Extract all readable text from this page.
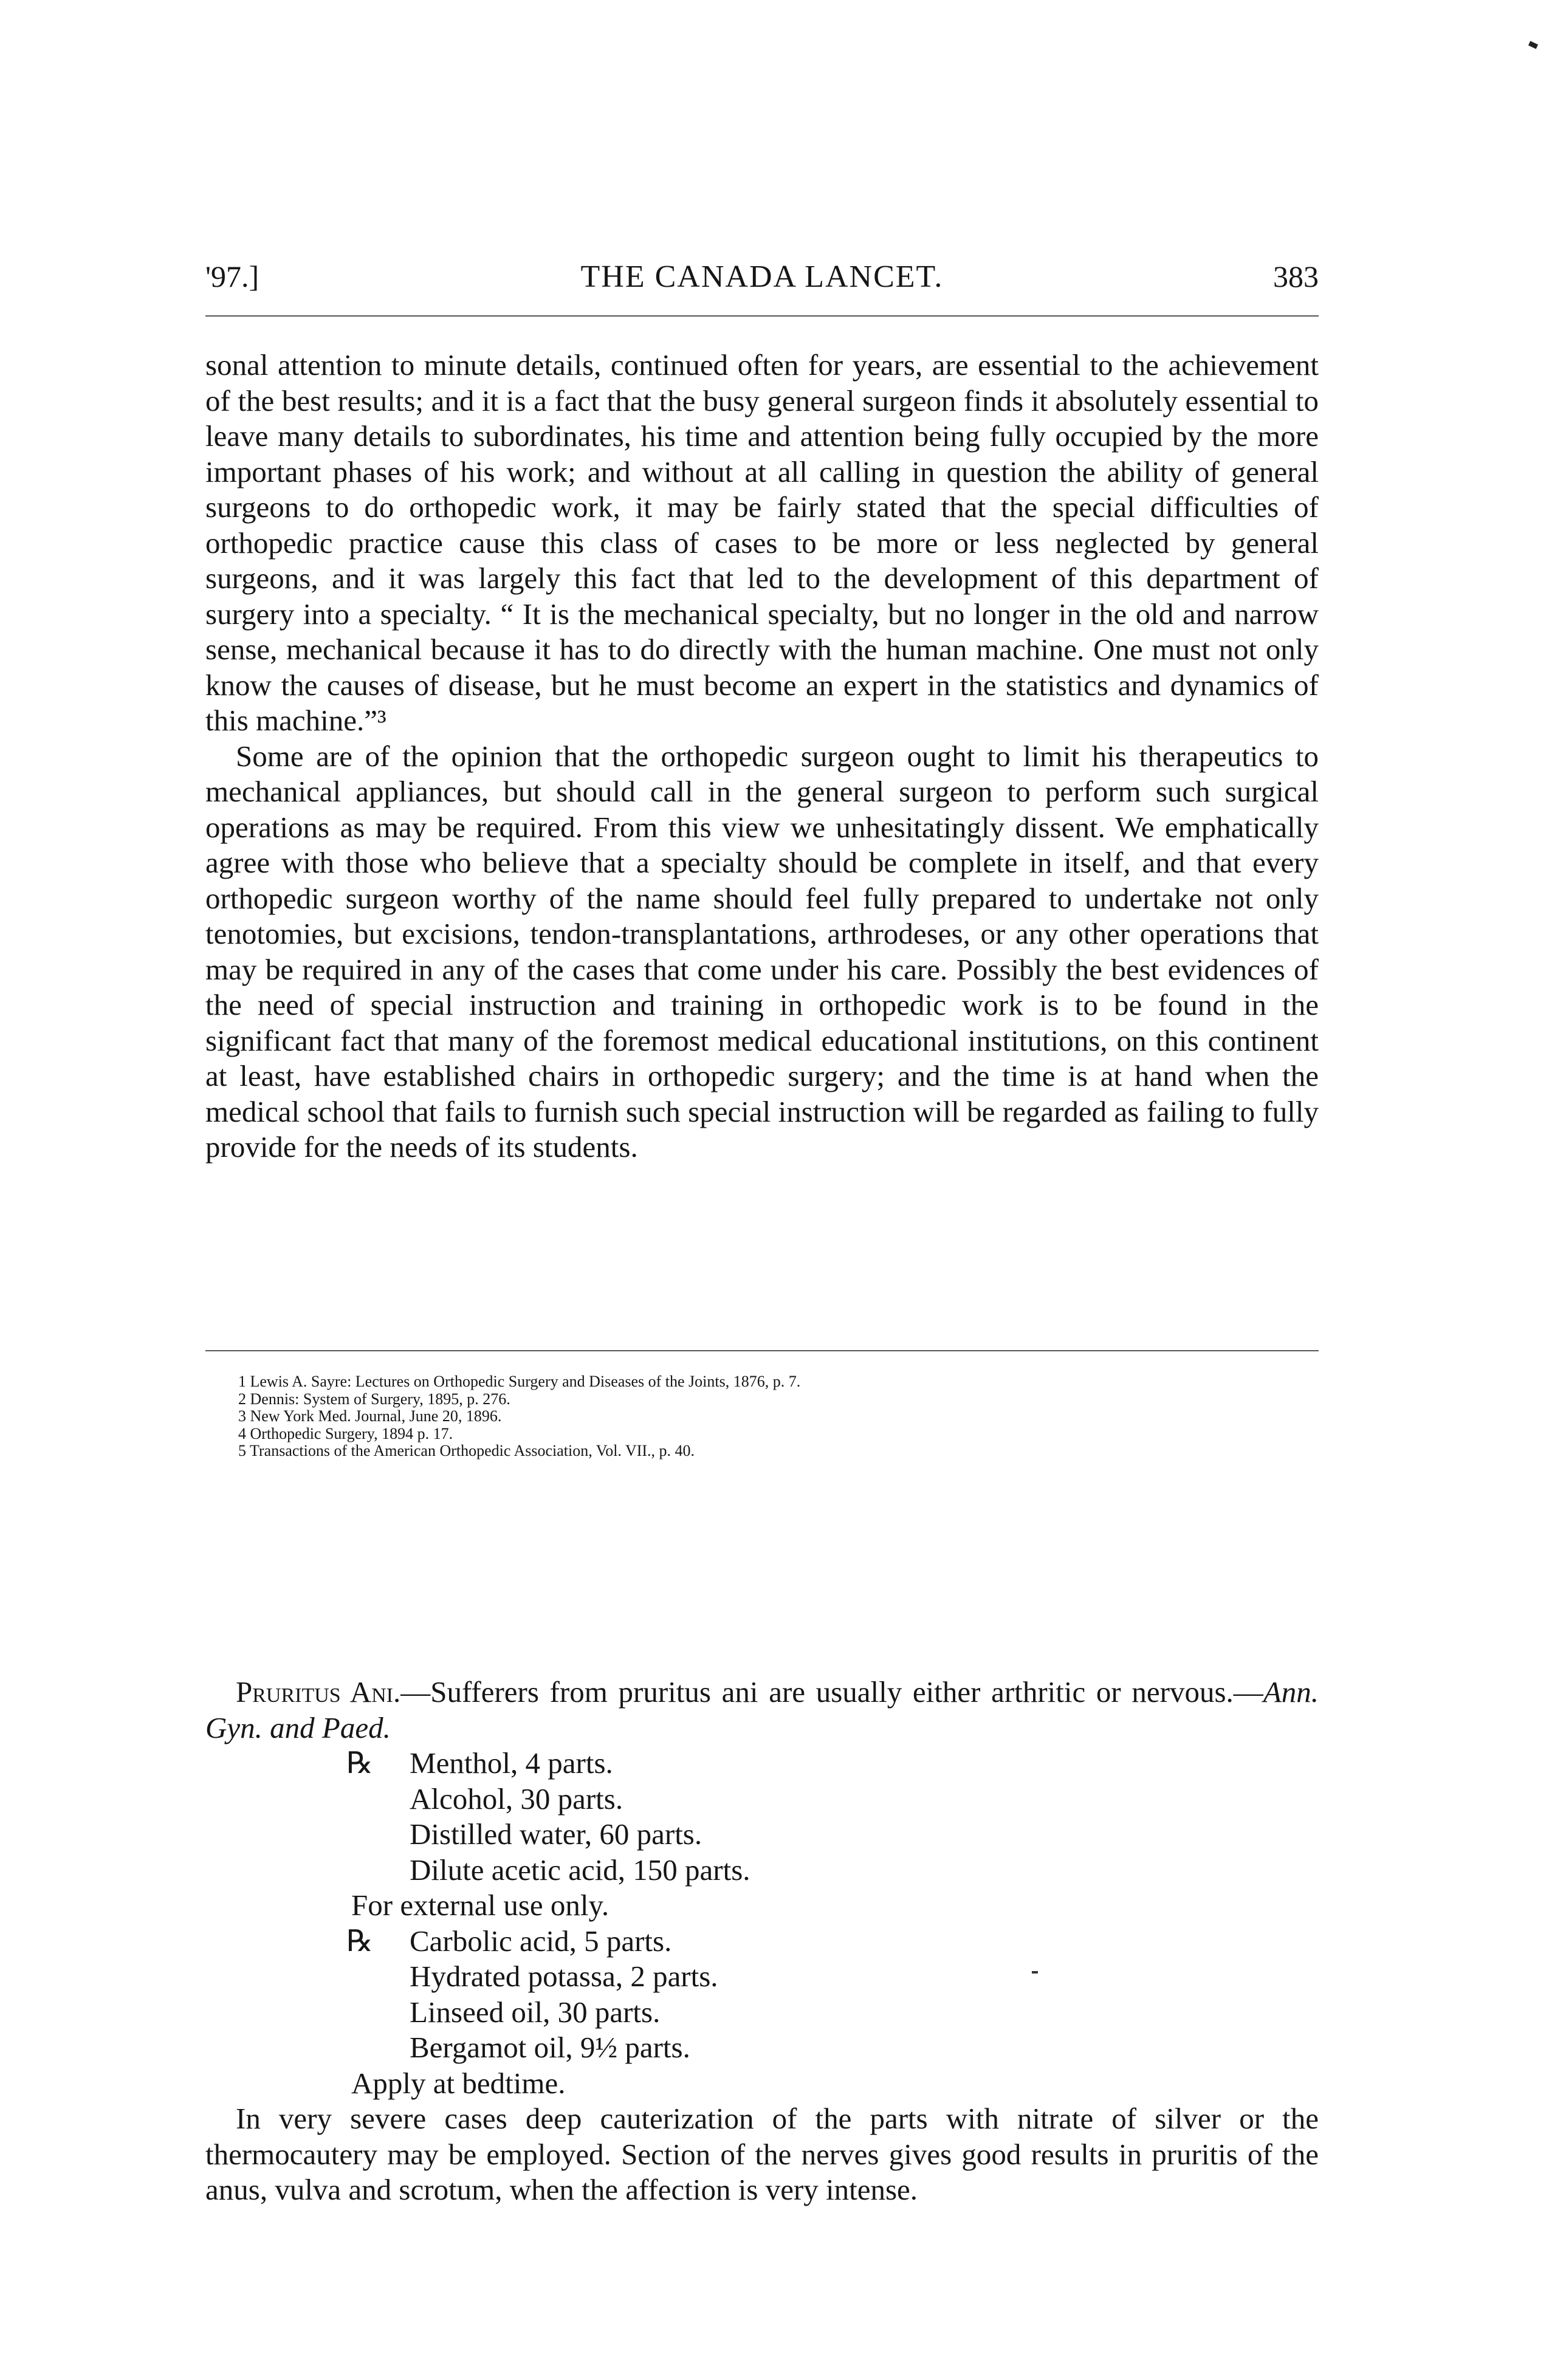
'97.]	THE CANADA LANCET.	383

sonal attention to minute details, continued often for years, are essential to the achievement of the best results; and it is a fact that the busy general surgeon finds it absolutely essential to leave many details to subordinates, his time and attention being fully occupied by the more important phases of his work; and without at all calling in question the ability of general surgeons to do orthopedic work, it may be fairly stated that the special difficulties of orthopedic practice cause this class of cases to be more or less neglected by general surgeons, and it was largely this fact that led to the development of this department of surgery into a specialty. “ It is the mechanical specialty, but no longer in the old and narrow sense, mechanical because it has to do directly with the human machine. One must not only know the causes of disease, but he must become an expert in the statistics and dynamics of this machine.”³

Some are of the opinion that the orthopedic surgeon ought to limit his therapeutics to mechanical appliances, but should call in the general surgeon to perform such surgical operations as may be required. From this view we unhesitatingly dissent. We emphatically agree with those who believe that a specialty should be complete in itself, and that every orthopedic surgeon worthy of the name should feel fully prepared to undertake not only tenotomies, but excisions, tendon-transplantations, arthrodeses, or any other operations that may be required in any of the cases that come under his care. Possibly the best evidences of the need of special instruction and training in orthopedic work is to be found in the significant fact that many of the foremost medical educational institutions, on this continent at least, have established chairs in orthopedic surgery; and the time is at hand when the medical school that fails to furnish such special instruction will be regarded as failing to fully provide for the needs of its students.

1 Lewis A. Sayre: Lectures on Orthopedic Surgery and Diseases of the Joints, 1876, p. 7.
2 Dennis: System of Surgery, 1895, p. 276.
3 New York Med. Journal, June 20, 1896.
4 Orthopedic Surgery, 1894 p. 17.
5 Transactions of the American Orthopedic Association, Vol. VII., p. 40.

Pruritus Ani.—Sufferers from pruritus ani are usually either arthritic or nervous.—Ann. Gyn. and Paed.

℞ Menthol, 4 parts.
Alcohol, 30 parts.
Distilled water, 60 parts.
Dilute acetic acid, 150 parts.
For external use only.
℞ Carbolic acid, 5 parts.
Hydrated potassa, 2 parts.
Linseed oil, 30 parts.
Bergamot oil, 9½ parts.
Apply at bedtime.

In very severe cases deep cauterization of the parts with nitrate of silver or the thermocautery may be employed. Section of the nerves gives good results in pruritis of the anus, vulva and scrotum, when the affection is very intense.
